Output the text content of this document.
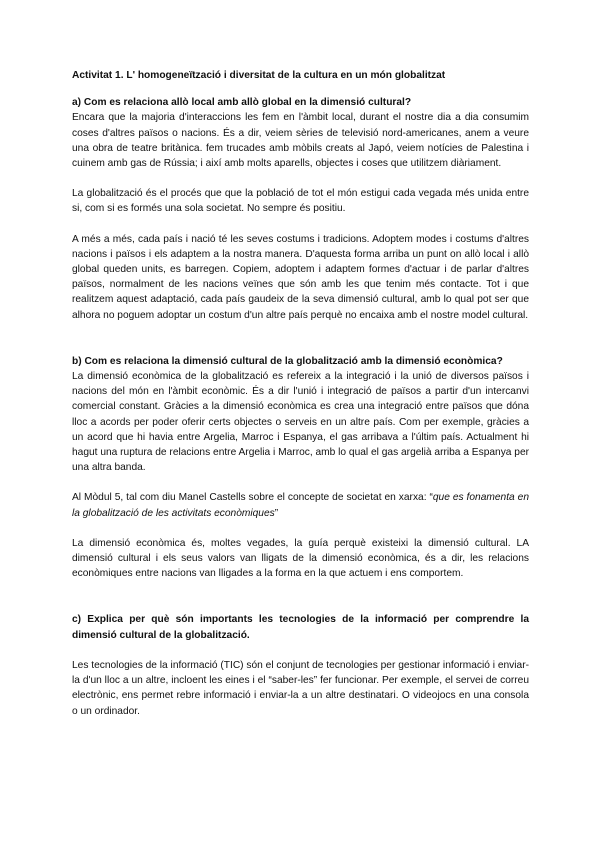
Activitat 1. L' homogeneïtzació i diversitat de la cultura en un món globalitzat
a) Com es relaciona allò local amb allò global en la dimensió cultural?

Encara que la majoria d'interaccions les fem en l'àmbit local, durant el nostre dia a dia consumim coses d'altres països o nacions. És a dir, veiem sèries de televisió nord-americanes, anem a veure una obra de teatre britànica. fem trucades amb mòbils creats al Japó, veiem notícies de Palestina i cuinem amb gas de Rússia; i així amb molts aparells, objectes i coses que utilitzem diàriament.

La globalització és el procés que que la població de tot el món estigui cada vegada més unida entre si, com si es formés una sola societat. No sempre és positiu.

A més a més, cada país i nació té les seves costums i tradicions. Adoptem modes i costums d'altres nacions i països i els adaptem a la nostra manera. D'aquesta forma arriba un punt on allò local i allò global queden units, es barregen. Copiem, adoptem i adaptem formes d'actuar i de parlar d'altres països, normalment de les nacions veïnes que són amb les que tenim més contacte. Tot i que realitzem aquest adaptació, cada país gaudeix de la seva dimensió cultural, amb lo qual pot ser que alhora no poguem adoptar un costum d'un altre país perquè no encaixa amb el nostre model cultural.

b) Com es relaciona la dimensió cultural de la globalització amb la dimensió econòmica?

La dimensió econòmica de la globalització es refereix a la integració i la unió de diversos països i nacions del món en l'àmbit econòmic. És a dir l'unió i integració de països a partir d'un intercanvi comercial constant. Gràcies a la dimensió econòmica es crea una integració entre països que dóna lloc a acords per poder oferir certs objectes o serveis en un altre país. Com per exemple, gràcies a un acord que hi havia entre Argelia, Marroc i Espanya, el gas arribava a l'últim país. Actualment hi hagut una ruptura de relacions entre Argelia i Marroc, amb lo qual el gas argelià arriba a Espanya per una altra banda.

Al Mòdul 5, tal com diu Manel Castells sobre el concepte de societat en xarxa: “que es fonamenta en la globalització de les activitats econòmiques”

La dimensió econòmica és, moltes vegades, la guía perquè existeixi la dimensió cultural. LA dimensió cultural i els seus valors van lligats de la dimensió econòmica, és a dir, les relacions econòmiques entre nacions van lligades a la forma en la que actuem i ens comportem.

c) Explica per què són importants les tecnologies de la informació per comprendre la dimensió cultural de la globalització.

Les tecnologies de la informació (TIC) són el conjunt de tecnologies per gestionar informació i enviar-la d'un lloc a un altre, incloent les eines i el “saber-les” fer funcionar. Per exemple, el servei de correu electrònic, ens permet rebre informació i enviar-la a un altre destinatari. O videojocs en una consola o un ordinador.
